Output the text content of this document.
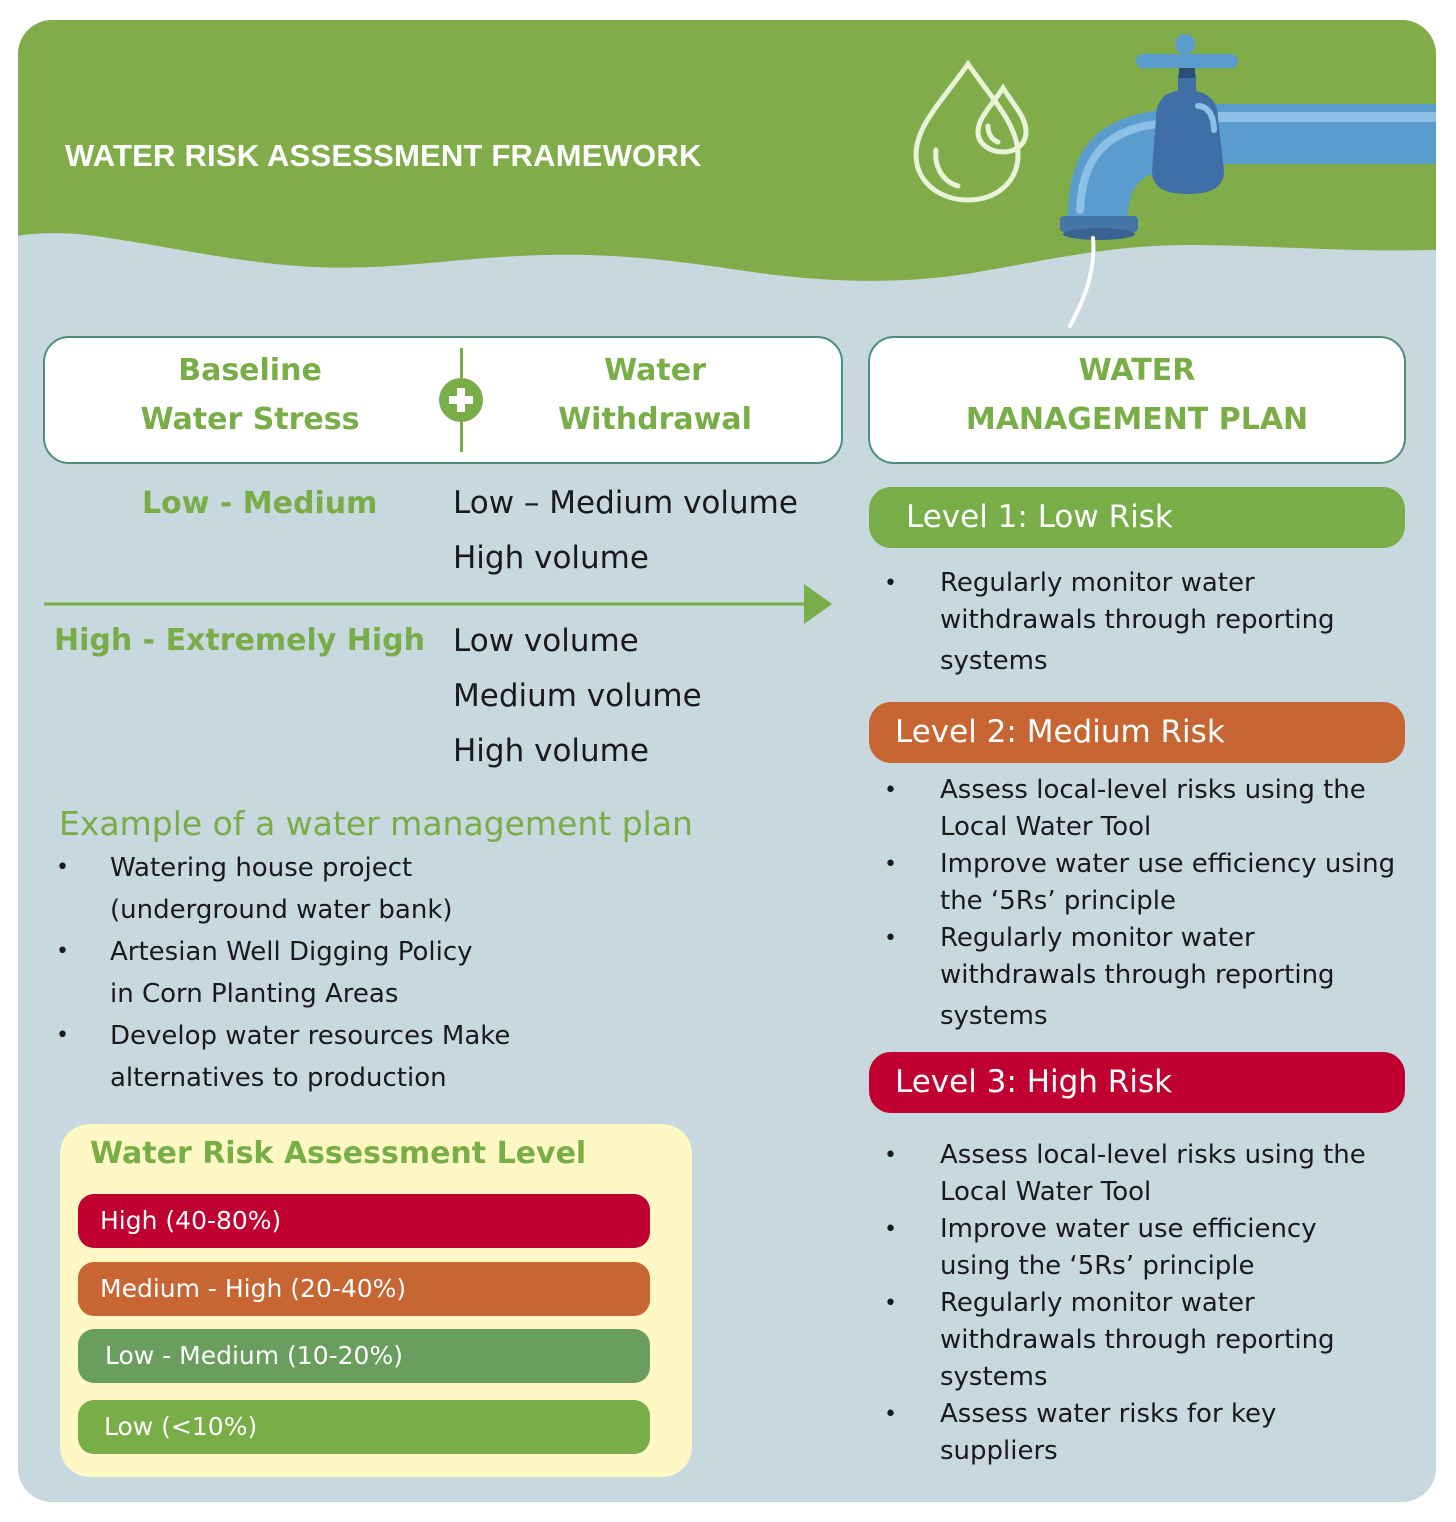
WATER RISK ASSESSMENT FRAMEWORK
Baseline
Water Stress
Water
Withdrawal
WATER
MANAGEMENT PLAN
Low - Medium Low – Medium volume
High volume
High - Extremely High Low volume
Medium volume
High volume
Example of a water management plan
• Watering house project
(underground water bank)
• Artesian Well Digging Policy
in Corn Planting Areas
• Develop water resources Make
alternatives to production
Water Risk Assessment Level
High (40-80%)
Medium - High (20-40%)
Low - Medium (10-20%)
Low (<10%)
Level 1: Low Risk
• Regularly monitor water
withdrawals through reporting
systems
Level 2: Medium Risk
• Assess local-level risks using the
Local Water Tool
• Improve water use efficiency using
the ‘5Rs’ principle
• Regularly monitor water
withdrawals through reporting
systems
Level 3: High Risk
• Assess local-level risks using the
Local Water Tool
• Improve water use efficiency
using the ‘5Rs’ principle
• Regularly monitor water
withdrawals through reporting
systems
• Assess water risks for key
suppliers
